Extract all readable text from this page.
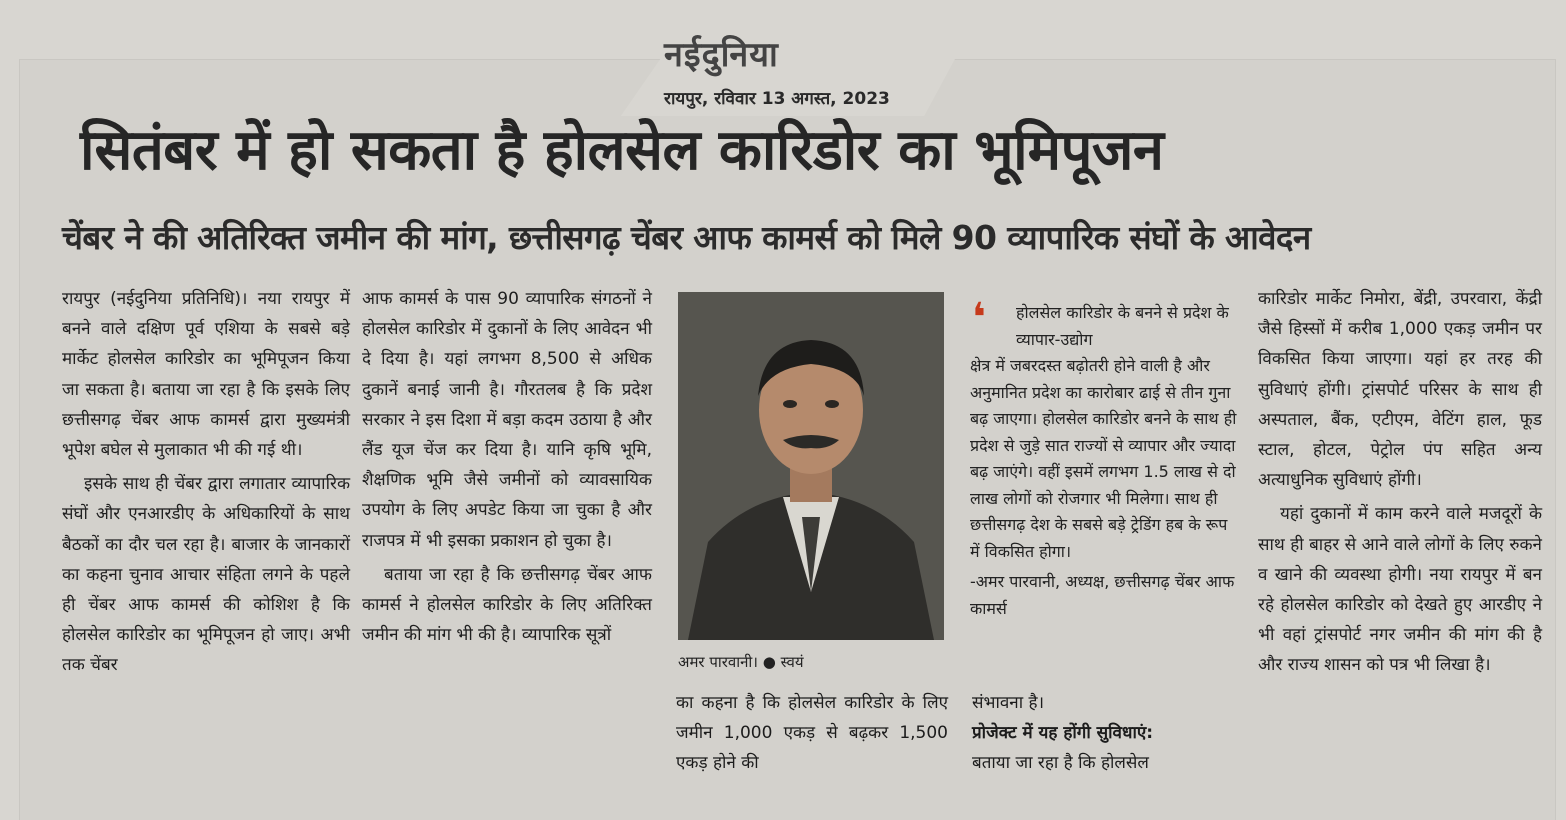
नईदुनिया
रायपुर, रविवार 13 अगस्त, 2023
सितंबर में हो सकता है होलसेल कारिडोर का भूमिपूजन
चेंबर ने की अतिरिक्त जमीन की मांग, छत्तीसगढ़ चेंबर आफ कामर्स को मिले 90 व्यापारिक संघों के आवेदन

रायपुर (नईदुनिया प्रतिनिधि)। नया रायपुर में बनने वाले दक्षिण पूर्व एशिया के सबसे बड़े मार्केट होलसेल कारिडोर का भूमिपूजन किया जा सकता है। बताया जा रहा है कि इसके लिए छत्तीसगढ़ चेंबर आफ कामर्स द्वारा मुख्यमंत्री भूपेश बघेल से मुलाकात भी की गई थी।

इसके साथ ही चेंबर द्वारा लगातार व्यापारिक संघों और एनआरडीए के अधिकारियों के साथ बैठकों का दौर चल रहा है। बाजार के जानकारों का कहना चुनाव आचार संहिता लगने के पहले ही चेंबर आफ कामर्स की कोशिश है कि होलसेल कारिडोर का भूमिपूजन हो जाए। अभी तक चेंबर

आफ कामर्स के पास 90 व्यापारिक संगठनों ने होलसेल कारिडोर में दुकानों के लिए आवेदन भी दे दिया है। यहां लगभग 8,500 से अधिक दुकानें बनाई जानी है। गौरतलब है कि प्रदेश सरकार ने इस दिशा में बड़ा कदम उठाया है और लैंड यूज चेंज कर दिया है। यानि कृषि भूमि, शैक्षणिक भूमि जैसे जमीनों को व्यावसायिक उपयोग के लिए अपडेट किया जा चुका है और राजपत्र में भी इसका प्रकाशन हो चुका है।

बताया जा रहा है कि छत्तीसगढ़ चेंबर आफ कामर्स ने होलसेल कारिडोर के लिए अतिरिक्त जमीन की मांग भी की है। व्यापारिक सूत्रों

अमर पारवानी। ● स्वयं
का कहना है कि होलसेल कारिडोर के लिए जमीन 1,000 एकड़ से बढ़कर 1,500 एकड़ होने की
❛	होलसेल कारिडोर के बनने से प्रदेश के व्यापार-उद्योग
क्षेत्र में जबरदस्त बढ़ोतरी होने वाली है और अनुमानित प्रदेश का कारोबार ढाई से तीन गुना बढ़ जाएगा। होलसेल कारिडोर बनने के साथ ही प्रदेश से जुड़े सात राज्यों से व्यापार और ज्यादा बढ़ जाएंगे। वहीं इसमें लगभग 1.5 लाख से दो लाख लोगों को रोजगार भी मिलेगा। साथ ही छत्तीसगढ़ देश के सबसे बड़े ट्रेडिंग हब के रूप में विकसित होगा।
-अमर पारवानी, अध्यक्ष, छत्तीसगढ़ चेंबर आफ कामर्स
संभावना है।
प्रोजेक्ट में यह होंगी सुविधाएं:
बताया जा रहा है कि होलसेल

कारिडोर मार्केट निमोरा, बेंद्री, उपरवारा, केंद्री जैसे हिस्सों में करीब 1,000 एकड़ जमीन पर विकसित किया जाएगा। यहां हर तरह की सुविधाएं होंगी। ट्रांसपोर्ट परिसर के साथ ही अस्पताल, बैंक, एटीएम, वेटिंग हाल, फूड स्टाल, होटल, पेट्रोल पंप सहित अन्य अत्याधुनिक सुविधाएं होंगी।

यहां दुकानों में काम करने वाले मजदूरों के साथ ही बाहर से आने वाले लोगों के लिए रुकने व खाने की व्यवस्था होगी। नया रायपुर में बन रहे होलसेल कारिडोर को देखते हुए आरडीए ने भी वहां ट्रांसपोर्ट नगर जमीन की मांग की है और राज्य शासन को पत्र भी लिखा है।
